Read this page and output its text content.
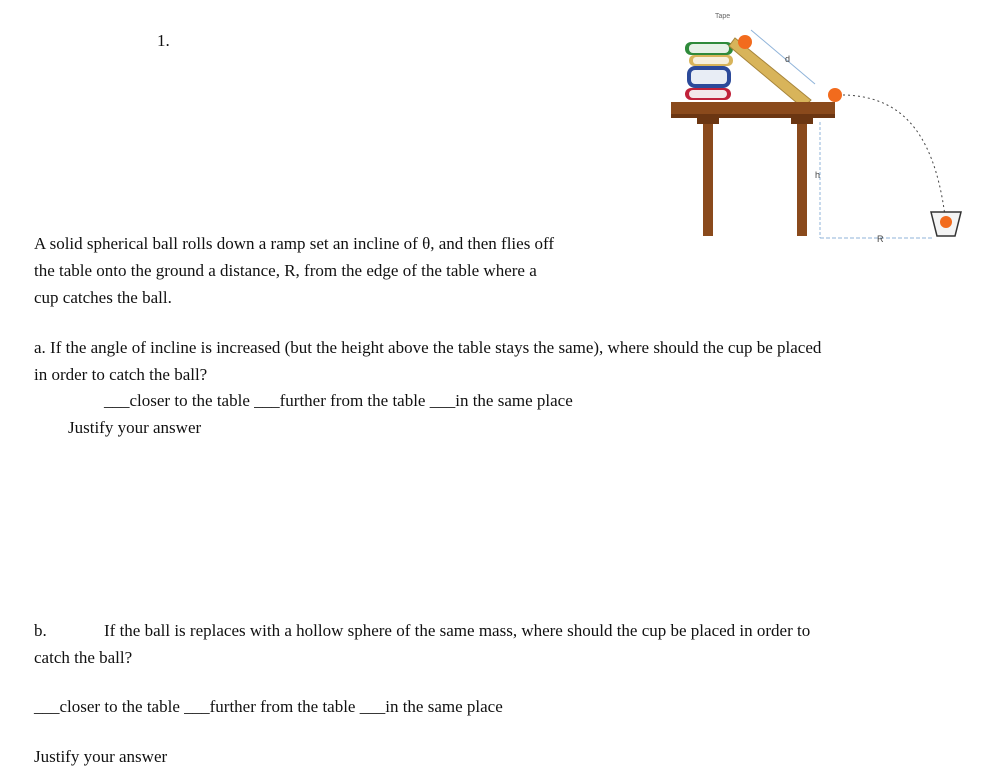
1.
Tape
d
h
R
A solid spherical ball rolls down a ramp set an incline of θ, and then flies off
the table onto the ground a distance, R, from the edge of the table where a
cup catches the ball.
a. If the angle of incline is increased (but the height above the table stays the same), where should the cup be placed
in order to catch the ball?
___closer to the table ___further from the table ___in the same place
Justify your answer
b.	If the ball is replaces with a hollow sphere of the same mass, where should the cup be placed in order to
catch the ball?
___closer to the table ___further from the table ___in the same place
Justify your answer
